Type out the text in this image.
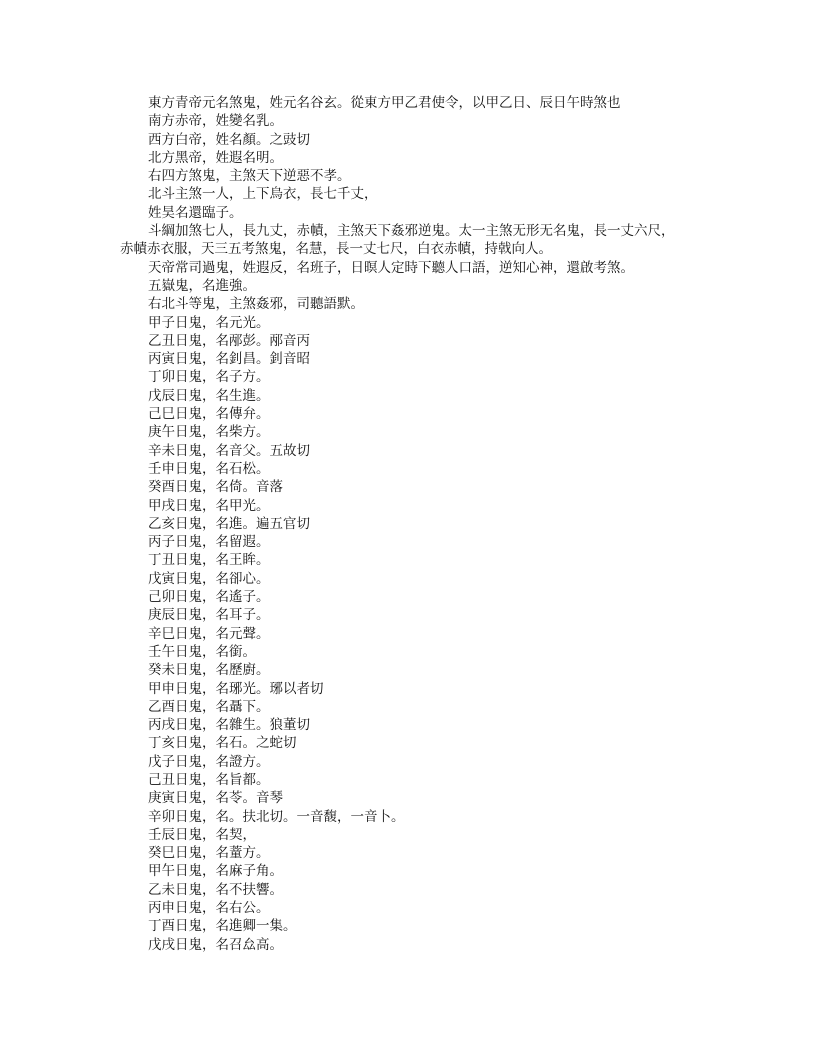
東方青帝元名煞鬼，姓元名谷玄。從東方甲乙君使令，以甲乙日、辰日午時煞也
南方赤帝，姓變名乳。
西方白帝，姓名顏。之豉切
北方黑帝，姓遐名明。
右四方煞鬼，主煞天下逆惡不孝。
北斗主煞一人，上下烏衣，長七千丈，
姓昊名還臨子。
斗綱加煞七人，長九丈，赤幘，主煞天下姦邪逆鬼。太一主煞无形无名鬼，長一丈六尺，
赤幘赤衣服，天三五考煞鬼，名慧，長一丈七尺，白衣赤幘，持戟向人。
天帝常司過鬼，姓遐反，名班子，日暝人定時下聽人口語，逆知心神，還啟考煞。
五嶽鬼，名進強。
右北斗等鬼，主煞姦邪，司聽語默。
甲子日鬼，名元光。
乙丑日鬼，名邴彭。邴音丙
丙寅日鬼，名釗昌。釗音昭
丁卯日鬼，名子方。
戊辰日鬼，名生進。
己巳日鬼，名傳弁。
庚午日鬼，名柴方。
辛未日鬼，名音父。五故切
壬申日鬼，名石松。
癸酉日鬼，名倚。音落
甲戌日鬼，名甲光。
乙亥日鬼，名進。遍五官切
丙子日鬼，名留遐。
丁丑日鬼，名王眸。
戊寅日鬼，名卻心。
己卯日鬼，名遙子。
庚辰日鬼，名耳子。
辛巳日鬼，名元聲。
壬午日鬼，名銜。
癸未日鬼，名歷廚。
甲申日鬼，名琊光。琊以者切
乙酉日鬼，名聶下。
丙戌日鬼，名雜生。狼董切
丁亥日鬼，名石。之蛇切
戊子日鬼，名證方。
己丑日鬼，名旨都。
庚寅日鬼，名苓。音琴
辛卯日鬼，名。扶北切。一音馥，一音卜。
壬辰日鬼，名契，
癸巳日鬼，名蕫方。
甲午日鬼，名麻子角。
乙未日鬼，名不扶響。
丙申日鬼，名右公。
丁酉日鬼，名進卿一集。
戊戌日鬼，名召厽高。
